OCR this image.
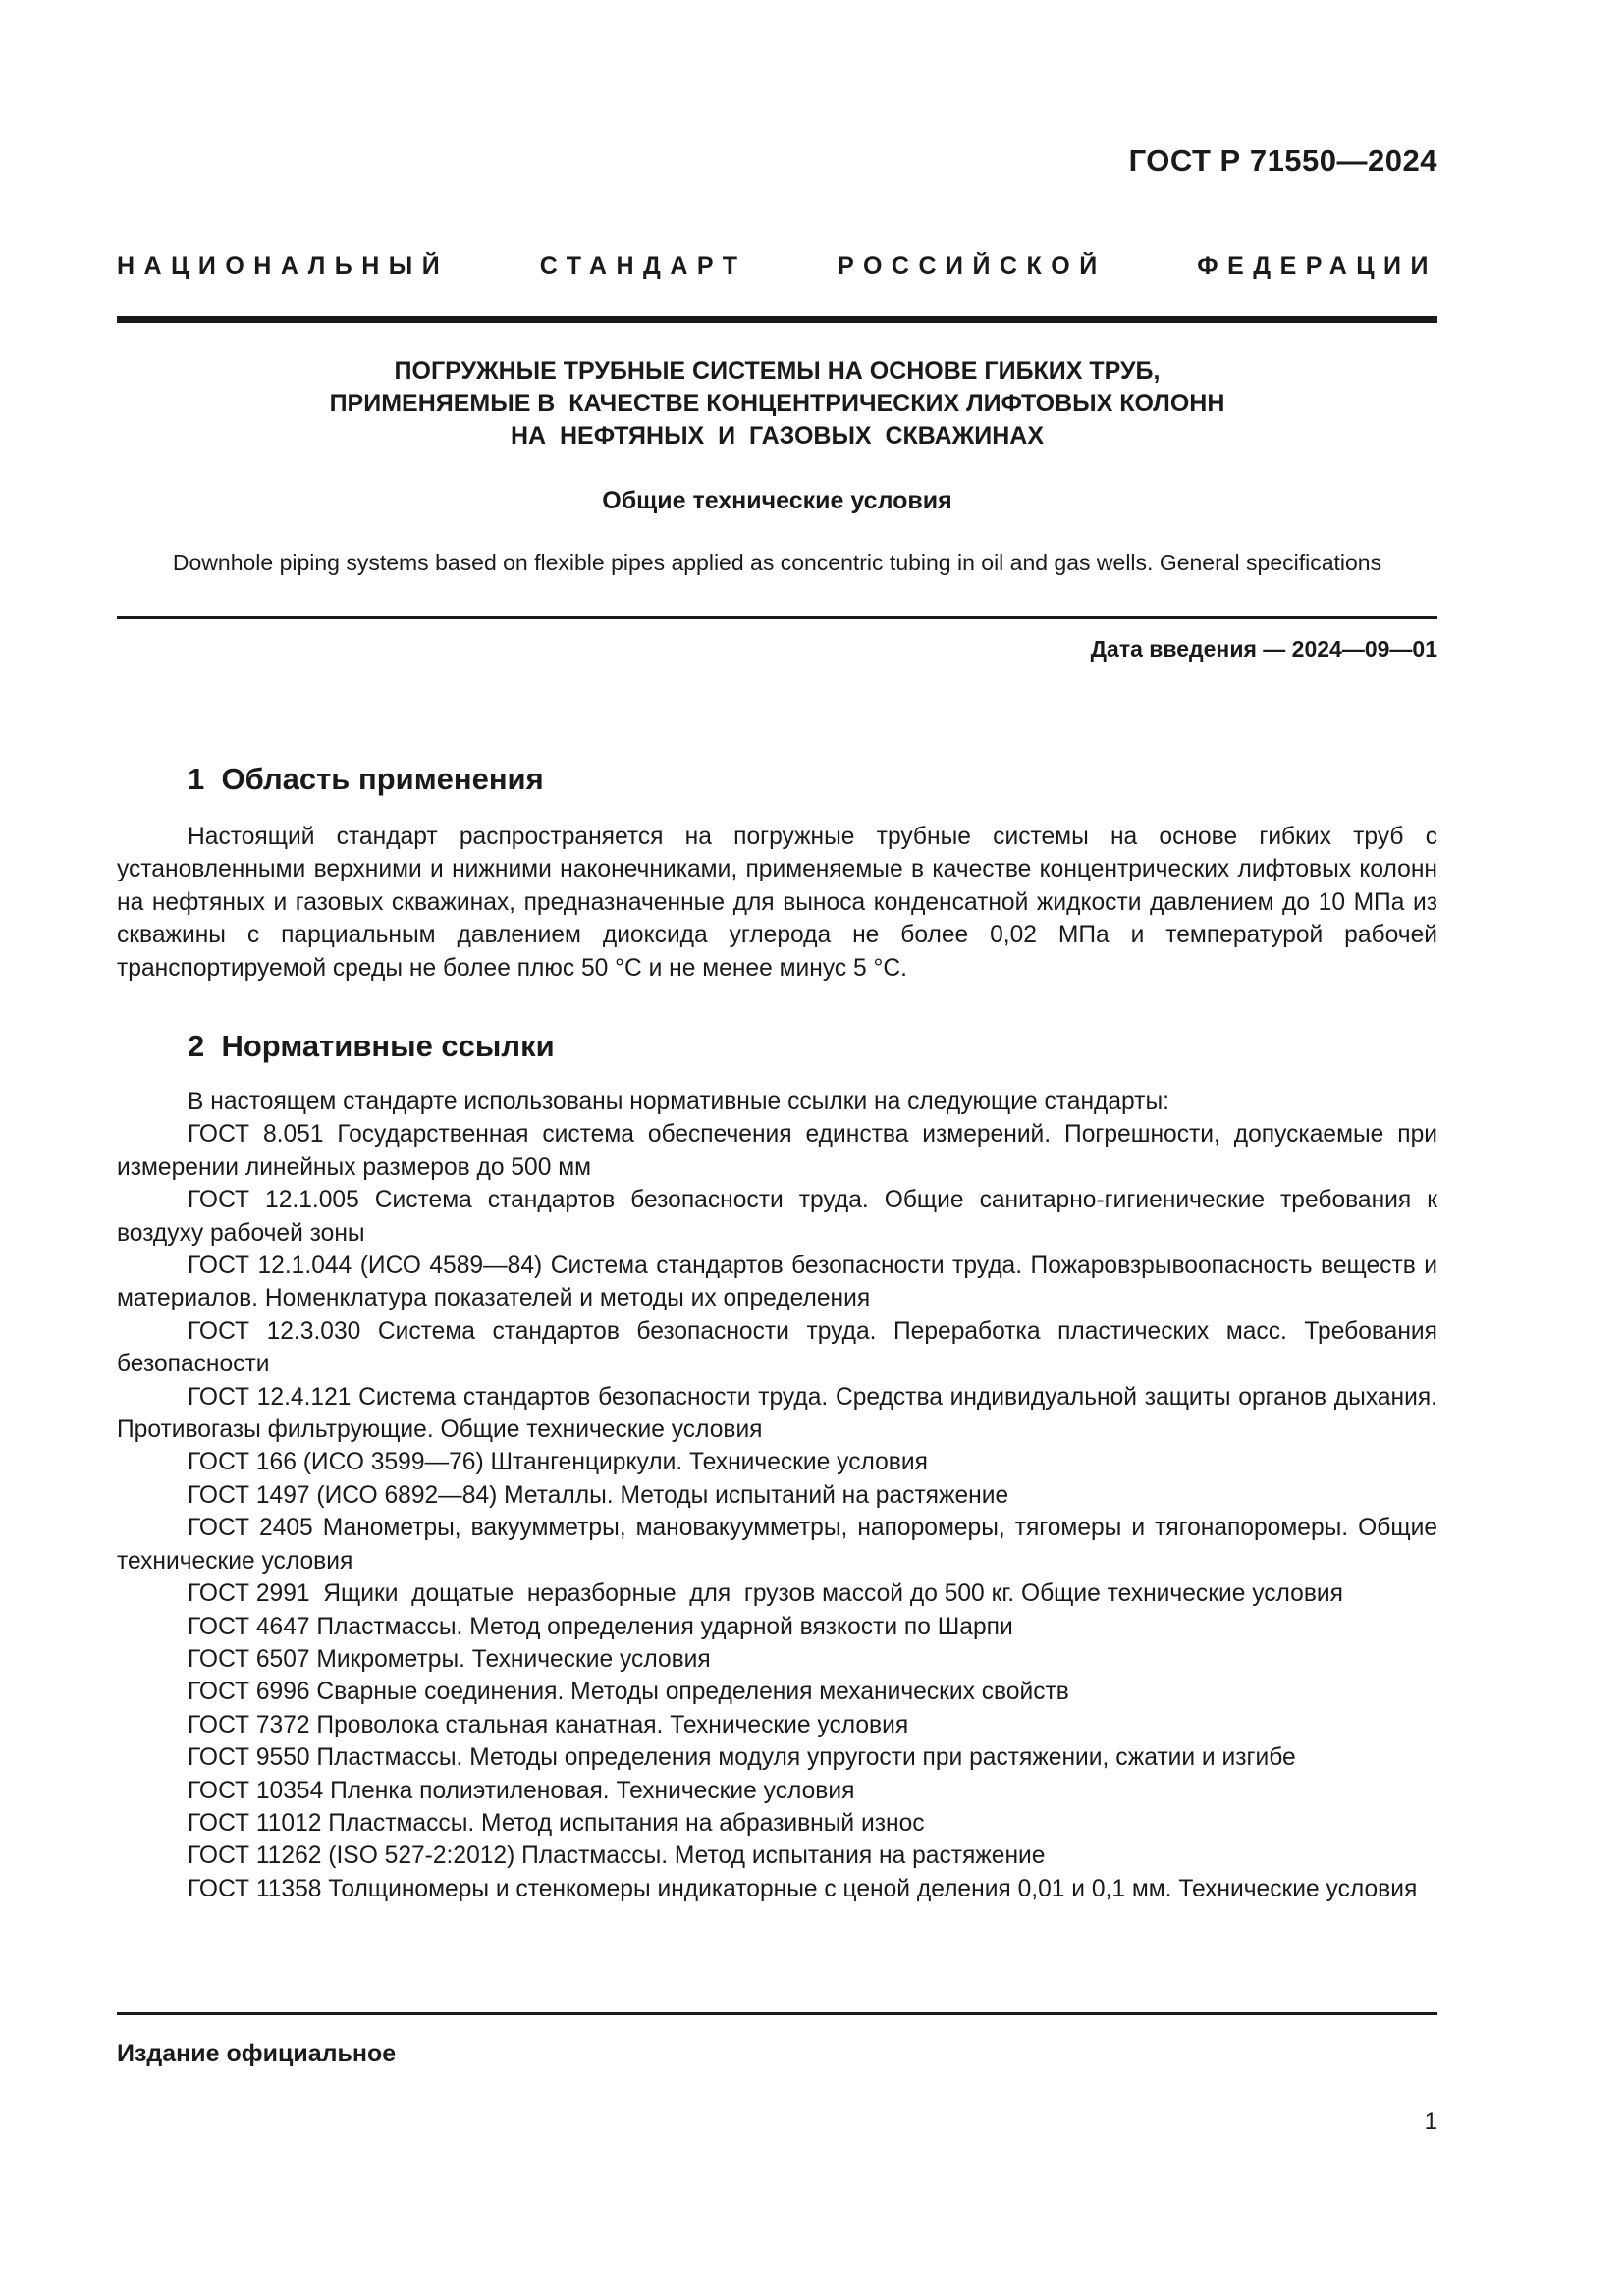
ГОСТ Р 71550—2024
НАЦИОНАЛЬНЫЙ СТАНДАРТ РОССИЙСКОЙ ФЕДЕРАЦИИ
ПОГРУЖНЫЕ ТРУБНЫЕ СИСТЕМЫ НА ОСНОВЕ ГИБКИХ ТРУБ,
ПРИМЕНЯЕМЫЕ В  КАЧЕСТВЕ КОНЦЕНТРИЧЕСКИХ ЛИФТОВЫХ КОЛОНН
НА  НЕФТЯНЫХ  И  ГАЗОВЫХ  СКВАЖИНАХ
Общие технические условия
Downhole piping systems based on flexible pipes applied as concentric tubing in oil and gas wells. General specifications
Дата введения — 2024—09—01
1  Область применения
Настоящий стандарт распространяется на погружные трубные системы на основе гибких труб с установленными верхними и нижними наконечниками, применяемые в качестве концентрических лифтовых колонн на нефтяных и газовых скважинах, предназначенные для выноса конденсатной жидкости давлением до 10 МПа из скважины с парциальным давлением диоксида углерода не более 0,02 МПа и температурой рабочей транспортируемой среды не более плюс 50 °С и не менее минус 5 °С.
2  Нормативные ссылки

В настоящем стандарте использованы нормативные ссылки на следующие стандарты:

ГОСТ 8.051 Государственная система обеспечения единства измерений. Погрешности, допускаемые при измерении линейных размеров до 500 мм

ГОСТ 12.1.005 Система стандартов безопасности труда. Общие санитарно-гигиенические требования к воздуху рабочей зоны

ГОСТ 12.1.044 (ИСО 4589—84) Система стандартов безопасности труда. Пожаровзрывоопасность веществ и материалов. Номенклатура показателей и методы их определения

ГОСТ 12.3.030 Система стандартов безопасности труда. Переработка пластических масс. Требования безопасности

ГОСТ 12.4.121 Система стандартов безопасности труда. Средства индивидуальной защиты органов дыхания. Противогазы фильтрующие. Общие технические условия

ГОСТ 166 (ИСО 3599—76) Штангенциркули. Технические условия

ГОСТ 1497 (ИСО 6892—84) Металлы. Методы испытаний на растяжение

ГОСТ 2405 Манометры, вакуумметры, мановакуумметры, напоромеры, тягомеры и тягонапоромеры. Общие технические условия

ГОСТ 2991  Ящики  дощатые  неразборные  для  грузов массой до 500 кг. Общие технические условия

ГОСТ 4647 Пластмассы. Метод определения ударной вязкости по Шарпи

ГОСТ 6507 Микрометры. Технические условия

ГОСТ 6996 Сварные соединения. Методы определения механических свойств

ГОСТ 7372 Проволока стальная канатная. Технические условия

ГОСТ 9550 Пластмассы. Методы определения модуля упругости при растяжении, сжатии и изгибе

ГОСТ 10354 Пленка полиэтиленовая. Технические условия

ГОСТ 11012 Пластмассы. Метод испытания на абразивный износ

ГОСТ 11262 (ISO 527-2:2012) Пластмассы. Метод испытания на растяжение

ГОСТ 11358 Толщиномеры и стенкомеры индикаторные с ценой деления 0,01 и 0,1 мм. Технические условия

Издание официальное
1
